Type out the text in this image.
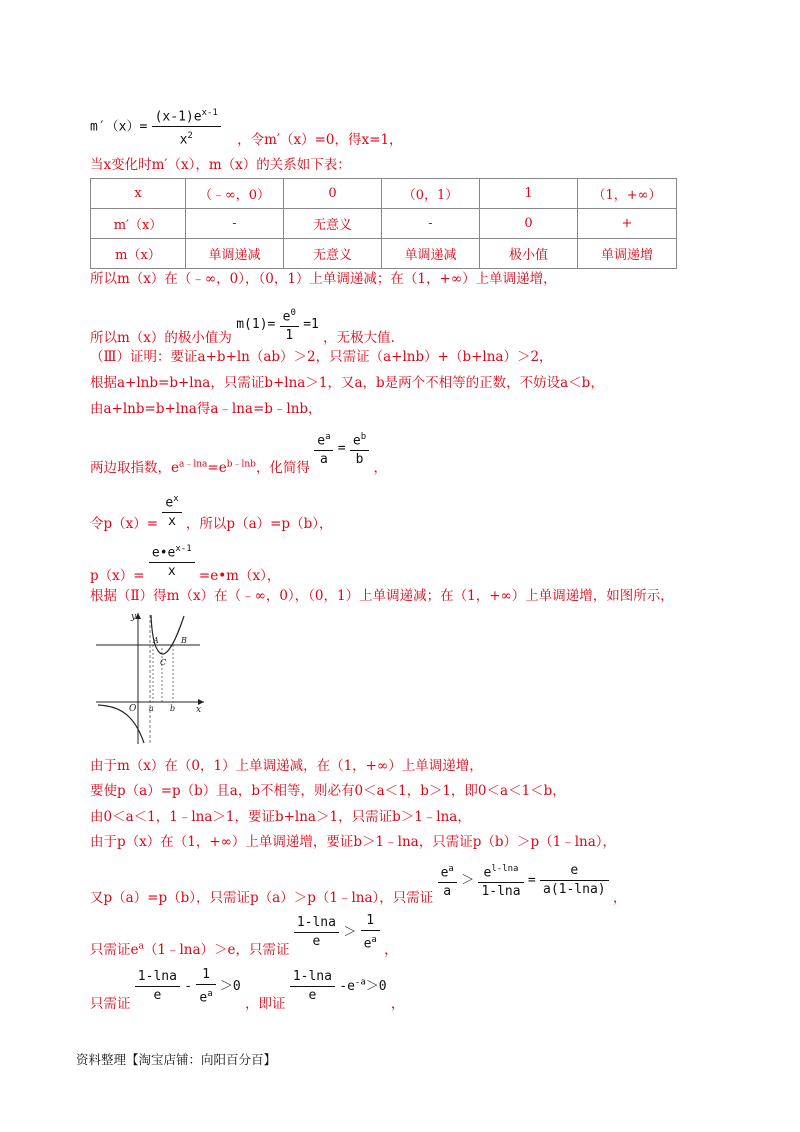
$m'(x)= \frac{(x-1)e^{x-1}}{x^2}$ ，令m′（x）=0，得x=1，
当x变化时m′（x），m（x）的关系如下表：
x	（﹣∞，0）	0	（0，1）	1	（1，+∞）
m′（x）	-	无意义	-	0	+
m（x）	单调递减	无意义	单调递减	极小值	单调递增
所以m（x）在（﹣∞，0），（0，1）上单调递减；在（1，+∞）上单调递增，
所以m（x）的极小值为 $m(1)= \frac{e^0}{1} =1$ ，无极大值.
（Ⅲ）证明：要证a+b+ln（ab）＞2，只需证（a+lnb）+（b+lna）＞2，
根据a+lnb=b+lna，只需证b+lna＞1，又a，b是两个不相等的正数，不妨设a＜b，
由a+lnb=b+lna得a﹣lna=b﹣lnb，
两边取指数，$e^{a﹣lna}=e^{b﹣lnb}$，化简得 $\frac{e^a}{a} = \frac{e^b}{b}$ ，
令$p(x)= \frac{e^x}{x}$ ，所以p（a）=p（b），
$p(x)= \frac{e•e^{x-1}}{x}$ =e•m（x），
根据（Ⅱ）得m（x）在（﹣∞，0），（0，1）上单调递减；在（1，+∞）上单调递增，如图所示，
y
x
O a b
A	B
C
由于m（x）在（0，1）上单调递减，在（1，+∞）上单调递增，
要使p（a）=p（b）且a，b不相等，则必有0＜a＜1，b＞1，即0＜a＜1＜b，
由0＜a＜1，1﹣lna＞1，要证b+lna＞1，只需证b＞1﹣lna，
由于p（x）在（1，+∞）上单调递增，要证b＞1﹣lna，只需证p（b）＞p（1﹣lna），
又p（a）=p（b），只需证p（a）＞p（1﹣lna），只需证 $\frac{e^a}{a} > \frac{e^{l-lna}}{1-\ln a} = \frac{e}{a(1-\ln a)}$ ，
只需证$e^a(1﹣\ln a)>e$，只需证 $\frac{1-\ln a}{e} > \frac{1}{e^a}$ ，
只需证 $\frac{1-\ln a}{e} - \frac{1}{e^a} >0$ ，即证 $\frac{1-\ln a}{e} -e^{-a}>0$ ，
资料整理【淘宝店铺：向阳百分百】
